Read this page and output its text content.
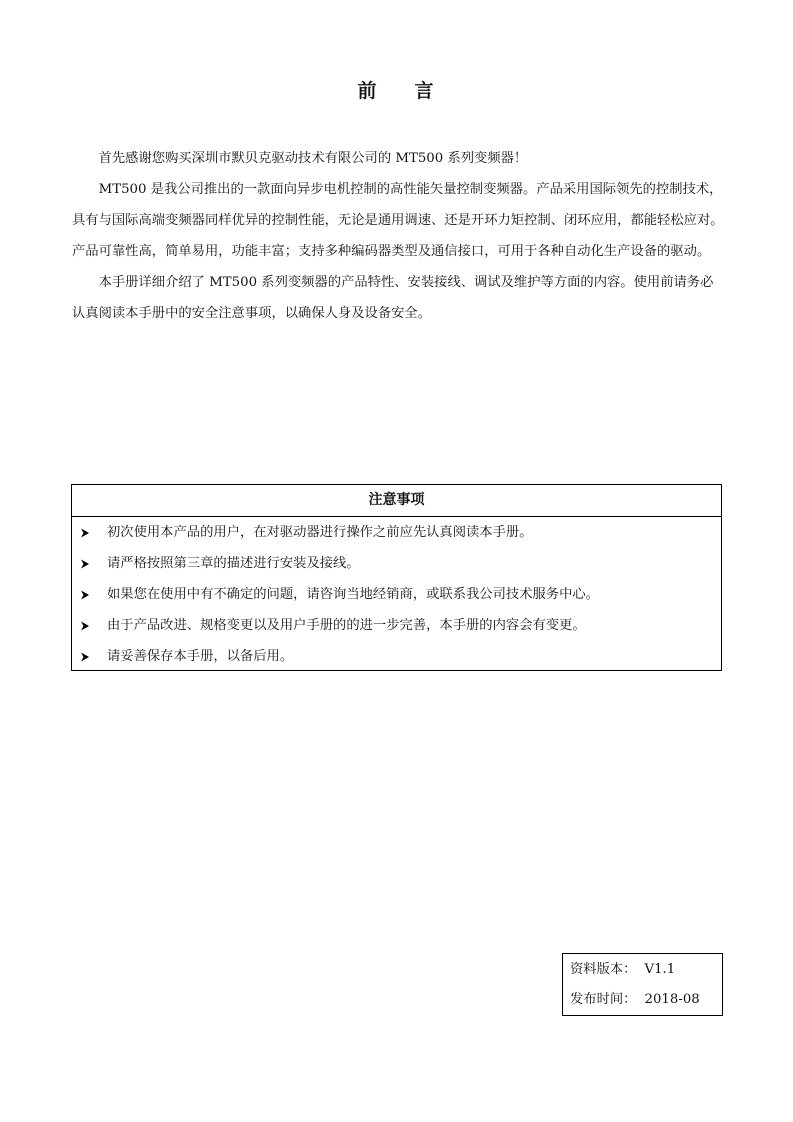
前 言

首先感谢您购买深圳市默贝克驱动技术有限公司的 MT500 系列变频器！

MT500 是我公司推出的一款面向异步电机控制的高性能矢量控制变频器。产品采用国际领先的控制技术，具有与国际高端变频器同样优异的控制性能，无论是通用调速、还是开环力矩控制、闭环应用，都能轻松应对。产品可靠性高，简单易用，功能丰富；支持多种编码器类型及通信接口，可用于各种自动化生产设备的驱动。

本手册详细介绍了 MT500 系列变频器的产品特性、安装接线、调试及维护等方面的内容。使用前请务必认真阅读本手册中的安全注意事项，以确保人身及设备安全。

注意事项
初次使用本产品的用户，在对驱动器进行操作之前应先认真阅读本手册。
请严格按照第三章的描述进行安装及接线。
如果您在使用中有不确定的问题，请咨询当地经销商，或联系我公司技术服务中心。
由于产品改进、规格变更以及用户手册的的进一步完善，本手册的内容会有变更。
请妥善保存本手册，以备后用。
资料版本： V1.1
发布时间： 2018-08
